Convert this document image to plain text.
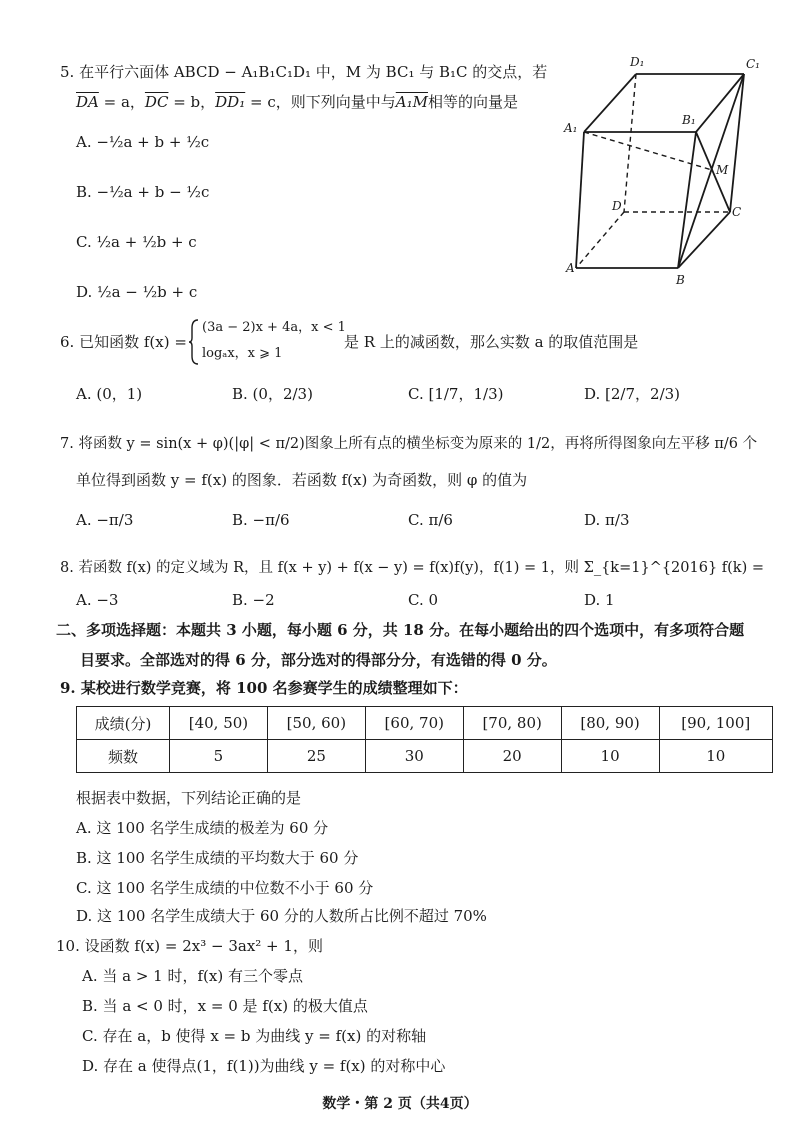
5. 在平行六面体 ABCD − A₁B₁C₁D₁ 中，M 为 BC₁ 与 B₁C 的交点，若
$\overline{DA} = a$，$\overline{DC} = b$，DD₁ = c，则下列向量中与A₁M相等的向量是
A. −½a + b + ½c
B. −½a + b − ½c
C. ½a + ½b + c
D. ½a − ½b + c
D₁	C₁
A₁
B₁
M
D	C
A
B
6. 已知函数 f(x) =
(3a − 2)x + 4a，x < 1
logₐx，x ⩾ 1
是 R 上的减函数，那么实数 a 的取值范围是
A. (0，1)	B. (0，2/3)	C. [1/7，1/3)	D. [2/7，2/3)
7. 将函数 y = sin(x + φ)(|φ| < π/2)图象上所有点的横坐标变为原来的 1/2，再将所得图象向左平移 π/6 个
单位得到函数 y = f(x) 的图象．若函数 f(x) 为奇函数，则 φ 的值为
A. −π/3	B. −π/6	C. π/6	D. π/3
8. 若函数 f(x) 的定义域为 R，且 f(x + y) + f(x − y) = f(x)f(y)，f(1) = 1，则 Σ_{k=1}^{2016} f(k) =
A. −3	B. −2	C. 0	D. 1
二、多项选择题：本题共 3 小题，每小题 6 分，共 18 分。在每小题给出的四个选项中，有多项符合题
目要求。全部选对的得 6 分，部分选对的得部分分，有选错的得 0 分。
9. 某校进行数学竞赛，将 100 名参赛学生的成绩整理如下：
成绩(分)	[40, 50)	[50, 60)	[60, 70)	[70, 80)	[80, 90)	[90, 100]
频数	5	25	30	20	10	10
根据表中数据，下列结论正确的是
A. 这 100 名学生成绩的极差为 60 分
B. 这 100 名学生成绩的平均数大于 60 分
C. 这 100 名学生成绩的中位数不小于 60 分
D. 这 100 名学生成绩大于 60 分的人数所占比例不超过 70%
10. 设函数 f(x) = 2x³ − 3ax² + 1，则
A. 当 a > 1 时，f(x) 有三个零点
B. 当 a < 0 时，x = 0 是 f(x) 的极大值点
C. 存在 a，b 使得 x = b 为曲线 y = f(x) 的对称轴
D. 存在 a 使得点(1，f(1))为曲线 y = f(x) 的对称中心
数学・第 2 页（共4页）
